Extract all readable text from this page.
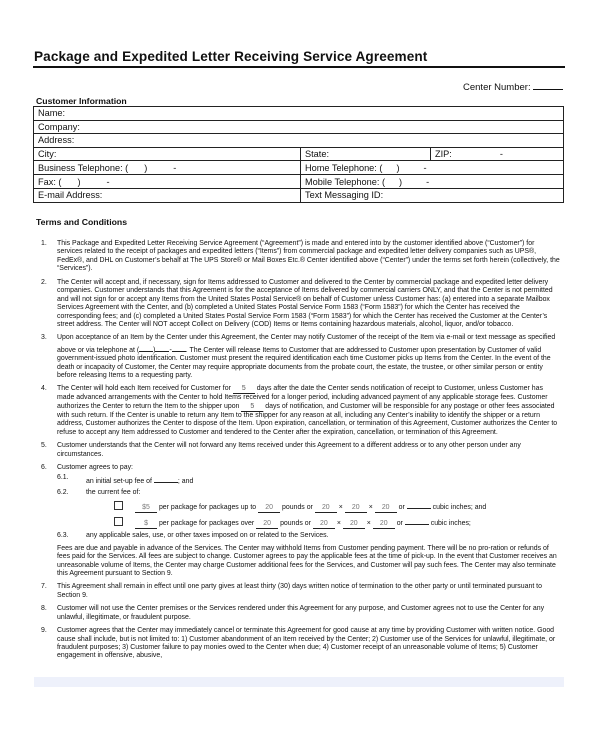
Package and Expedited Letter Receiving Service Agreement
Center Number:
Customer Information
Name:		
Company:		
Address:		
City:	State:	ZIP: -
Business Telephone: ( ) -	Home Telephone: ( ) -	
Fax: ( ) -	Mobile Telephone: ( ) -	
E-mail Address:	Text Messaging ID:	
Terms and Conditions
1. This Package and Expedited Letter Receiving Service Agreement (“Agreement”) is made and entered into by the customer identified above (“Customer”) for services related to the receipt of packages and expedited letters (“Items”) from commercial package and expedited letter delivery companies such as UPS®, FedEx®, and DHL on Customer’s behalf at The UPS Store® or Mail Boxes Etc.® Center identified above (“Center”) under the terms set forth herein (collectively, the “Services”).
2. The Center will accept and, if necessary, sign for Items addressed to Customer and delivered to the Center by commercial package and expedited letter delivery companies. Customer understands that this Agreement is for the acceptance of Items delivered by commercial carriers ONLY, and that the Center is not permitted and will not sign for or accept any Items from the United States Postal Service® on behalf of Customer unless Customer has: (a) entered into a separate Mailbox Services Agreement with the Center, and (b) completed a United States Postal Service Form 1583 (“Form 1583”) for which the Center has received the corresponding fees; and (c) completed a United States Postal Service Form 1583 (“Form 1583”) for which the Center has received the Customer at the Center’s street address. The Center will NOT accept Collect on Delivery (COD) Items or Items containing hazardous materials, alcohol, liquor, and/or tobacco.
3. Upon acceptance of an Item by the Center under this Agreement, the Center may notify Customer of the receipt of the Item via e-mail or text message as specified above or via telephone at ( ) - . The Center will release Items to Customer that are addressed to Customer upon presentation by Customer of valid government-issued photo identification. Customer must present the required identification each time Customer picks up Items from the Center. In the event of the death or incapacity of Customer, the Center may require appropriate documents from the probate court, the estate, the trustee, or other similar person or entity before releasing Items to a requesting party.
4. The Center will hold each Item received for Customer for 5 days after the date the Center sends notification of receipt to Customer, unless Customer has made advanced arrangements with the Center to hold Items received for a longer period, including advanced payment of any applicable storage fees. Customer authorizes the Center to return the Item to the shipper upon 5 days of notification, and Customer will be responsible for any postage or other fees associated with such return. If the Center is unable to return any Item to the shipper for any reason at all, including any Center’s inability to identify the shipper or a return address, Customer authorizes the Center to dispose of the Item. Upon expiration, cancellation, or termination of this Agreement, Customer authorizes the Center to refuse to accept any Item addressed to Customer and tendered to the Center after the expiration, cancellation, or termination of this Agreement.
5. Customer understands that the Center will not forward any Items received under this Agreement to a different address or to any other person under any circumstances.
6. Customer agrees to pay:
6.1.
an initial set-up fee of	; and
6.2.	the current fee of:
$5 per package for packages up to 20 pounds or 20 × 20 × 20 or	cubic inches; and
$ per package for packages over 20 pounds or 20 × 20 × 20 or	cubic inches;
6.3.	any applicable sales, use, or other taxes imposed on or related to the Services.
Fees are due and payable in advance of the Services. The Center may withhold Items from Customer pending payment. There will be no pro-ration or refunds of fees paid for the Services. All fees are subject to change. Customer agrees to pay the applicable fees at the time of pick-up. In the event that Customer receives an unreasonable volume of Items, the Center may charge Customer additional fees for the Services, and Customer will pay such fees. The Center may also terminate this Agreement pursuant to Section 9.
7. This Agreement shall remain in effect until one party gives at least thirty (30) days written notice of termination to the other party or until terminated pursuant to Section 9.
8. Customer will not use the Center premises or the Services rendered under this Agreement for any purpose, and Customer agrees not to use the Center for any unlawful, illegitimate, or fraudulent purpose.
9. Customer agrees that the Center may immediately cancel or terminate this Agreement for good cause at any time by providing Customer with written notice. Good cause shall include, but is not limited to: 1) Customer abandonment of an Item received by the Center; 2) Customer use of the Services for unlawful, illegitimate, or fraudulent purposes; 3) Customer failure to pay monies owed to the Center when due; 4) Customer receipt of an unreasonable volume of Items; 5) Customer engagement in offensive, abusive,
